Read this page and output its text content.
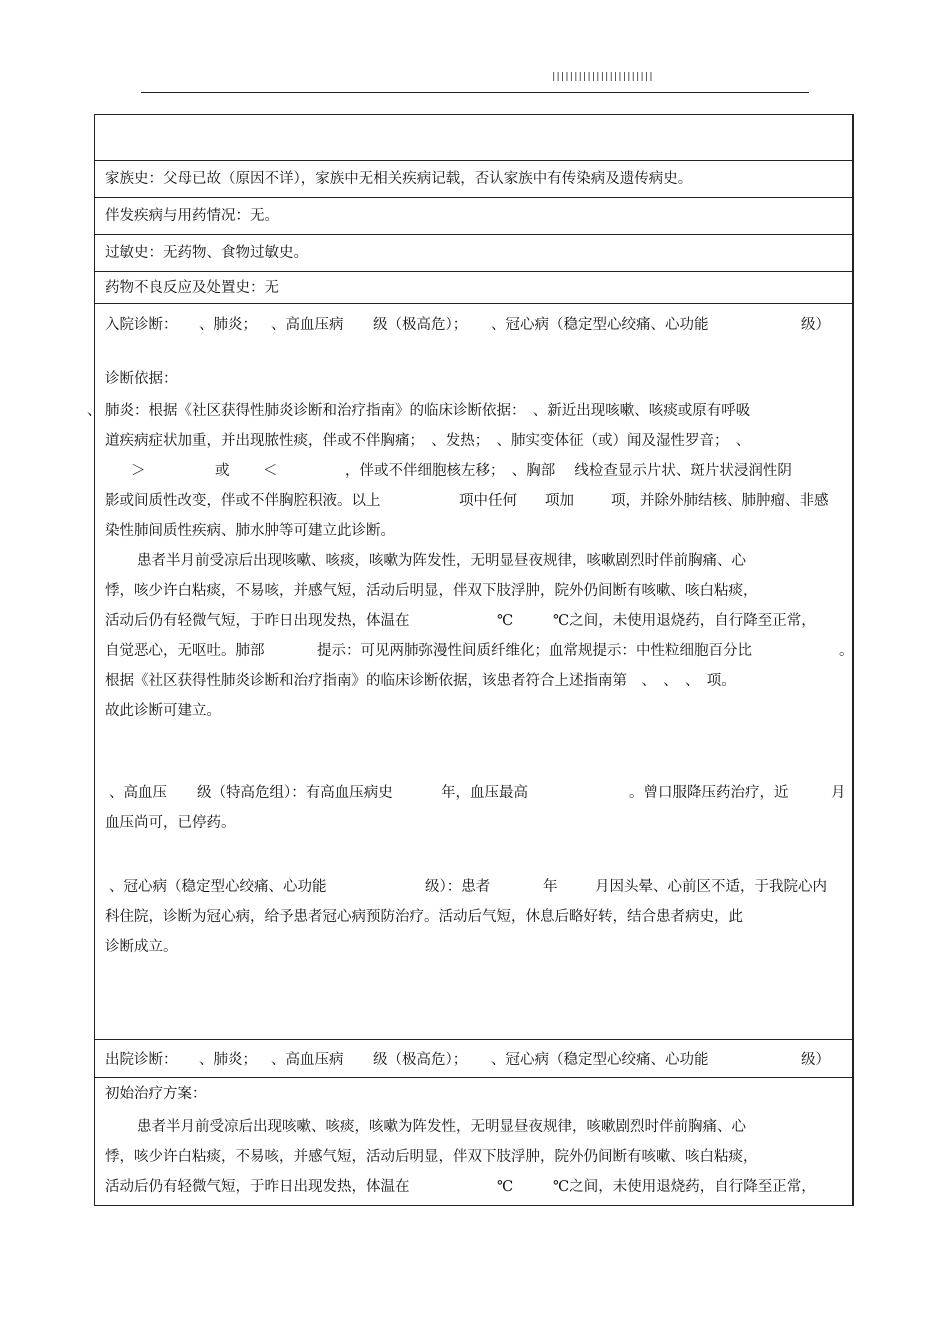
|||||||||||||||||||||||
家族史：父母已故（原因不详），家族中无相关疾病记载，否认家族中有传染病及遗传病史。
伴发疾病与用药情况：无。
过敏史：无药物、食物过敏史。
药物不良反应及处置史：无
入院诊断： 、肺炎； 、高血压病 级（极高危）； 、冠心病（稳定型心绞痛、心功能	级）
诊断依据：
、 肺炎：根据《社区获得性肺炎诊断和治疗指南》的临床诊断依据：　、新近出现咳嗽、咳痰或原有呼吸
道疾病症状加重，并出现脓性痰，伴或不伴胸痛；　、发热；　、肺实变体征（或）闻及湿性罗音；　、
＞	或 ＜	，伴或不伴细胞核左移；　、胸部　 线检查显示片状、斑片状浸润性阴
影或间质性改变，伴或不伴胸腔积液。以上	项中任何 项加	项，并除外肺结核、肺肿瘤、非感
染性肺间质性疾病、肺水肿等可建立此诊断。
患者半月前受凉后出现咳嗽、咳痰，咳嗽为阵发性，无明显昼夜规律，咳嗽剧烈时伴前胸痛、心
悸，咳少许白粘痰，不易咳，并感气短，活动后明显，伴双下肢浮肿，院外仍间断有咳嗽、咳白粘痰，
活动后仍有轻微气短，于昨日出现发热，体温在	℃	℃之间，未使用退烧药，自行降至正常，
自觉恶心，无呕吐。肺部	提示：可见两肺弥漫性间质纤维化；血常规提示：中性粒细胞百分比	。
根据《社区获得性肺炎诊断和治疗指南》的临床诊断依据，该患者符合上述指南第　、　、　、　项。
故此诊断可建立。
、高血压 级（特高危组）：有高血压病史	年，血压最高	。曾口服降压药治疗，近	月
血压尚可，已停药。
、冠心病（稳定型心绞痛、心功能	级）：患者	年	月因头晕、心前区不适，于我院心内
科住院，诊断为冠心病，给予患者冠心病预防治疗。活动后气短，休息后略好转，结合患者病史，此
诊断成立。
出院诊断： 、肺炎； 、高血压病 级（极高危）； 、冠心病（稳定型心绞痛、心功能	级）
初始治疗方案：
患者半月前受凉后出现咳嗽、咳痰，咳嗽为阵发性，无明显昼夜规律，咳嗽剧烈时伴前胸痛、心
悸，咳少许白粘痰，不易咳，并感气短，活动后明显，伴双下肢浮肿，院外仍间断有咳嗽、咳白粘痰，
活动后仍有轻微气短，于昨日出现发热，体温在	℃	℃之间，未使用退烧药，自行降至正常，
